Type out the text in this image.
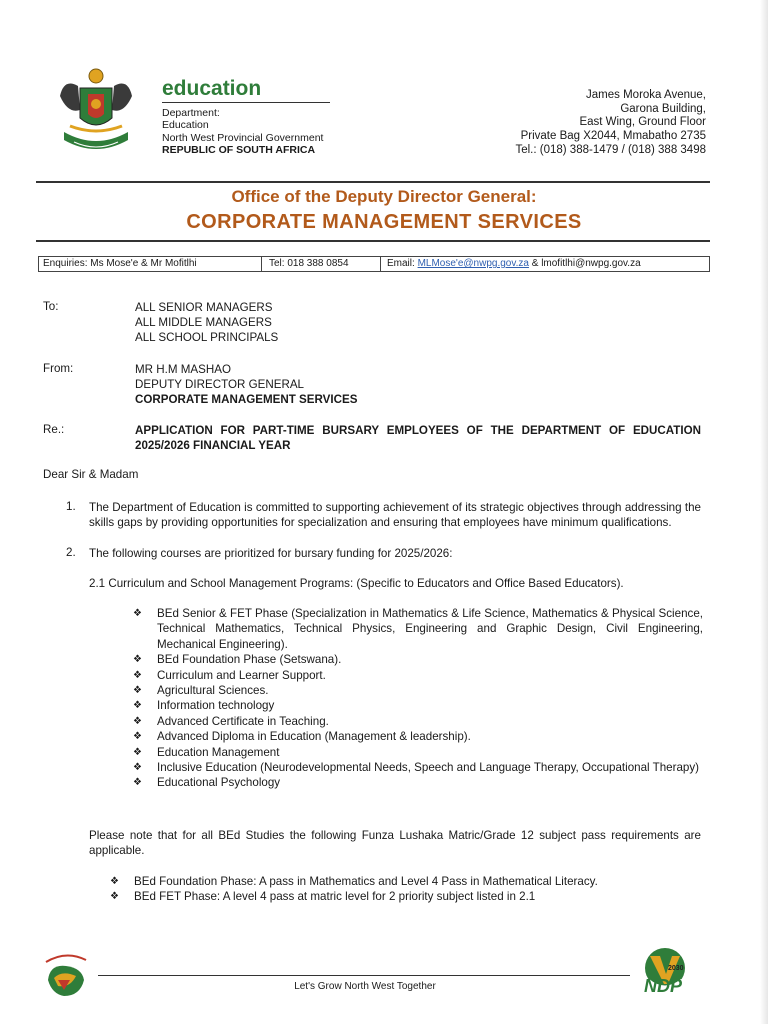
education
Department:
Education
North West Provincial Government
REPUBLIC OF SOUTH AFRICA
James Moroka Avenue,
Garona Building,
East Wing, Ground Floor
Private Bag X2044, Mmabatho 2735
Tel.: (018) 388-1479 / (018) 388 3498
Office of the Deputy Director General:
CORPORATE MANAGEMENT SERVICES
Enquiries: Ms Mose'e & Mr Mofitlhi	Tel: 018 388 0854	Email: MLMose'e@nwpg.gov.za & lmofitlhi@nwpg.gov.za
To:	ALL SENIOR MANAGERS
ALL MIDDLE MANAGERS
ALL SCHOOL PRINCIPALS
From:	MR H.M MASHAO
DEPUTY DIRECTOR GENERAL
CORPORATE MANAGEMENT SERVICES
Re.:	APPLICATION FOR PART-TIME BURSARY EMPLOYEES OF THE DEPARTMENT OF EDUCATION
2025/2026 FINANCIAL YEAR
Dear Sir & Madam
1. The Department of Education is committed to supporting achievement of its strategic objectives through addressing the skills gaps by providing opportunities for specialization and ensuring that employees have minimum qualifications.
2. The following courses are prioritized for bursary funding for 2025/2026:
2.1 Curriculum and School Management Programs: (Specific to Educators and Office Based Educators).
❖ BEd Senior & FET Phase (Specialization in Mathematics & Life Science, Mathematics & Physical Science, Technical Mathematics, Technical Physics, Engineering and Graphic Design, Civil Engineering, Mechanical Engineering).
❖ BEd Foundation Phase (Setswana).
❖ Curriculum and Learner Support.
❖ Agricultural Sciences.
❖ Information technology
❖ Advanced Certificate in Teaching.
❖ Advanced Diploma in Education (Management & leadership).
❖ Education Management
❖ Inclusive Education (Neurodevelopmental Needs, Speech and Language Therapy, Occupational Therapy)
❖ Educational Psychology
Please note that for all BEd Studies the following Funza Lushaka Matric/Grade 12 subject pass requirements are applicable.
❖ BEd Foundation Phase: A pass in Mathematics and Level 4 Pass in Mathematical Literacy.
❖ BEd FET Phase: A level 4 pass at matric level for 2 priority subject listed in 2.1
Let's Grow North West Together
2030
NDP
